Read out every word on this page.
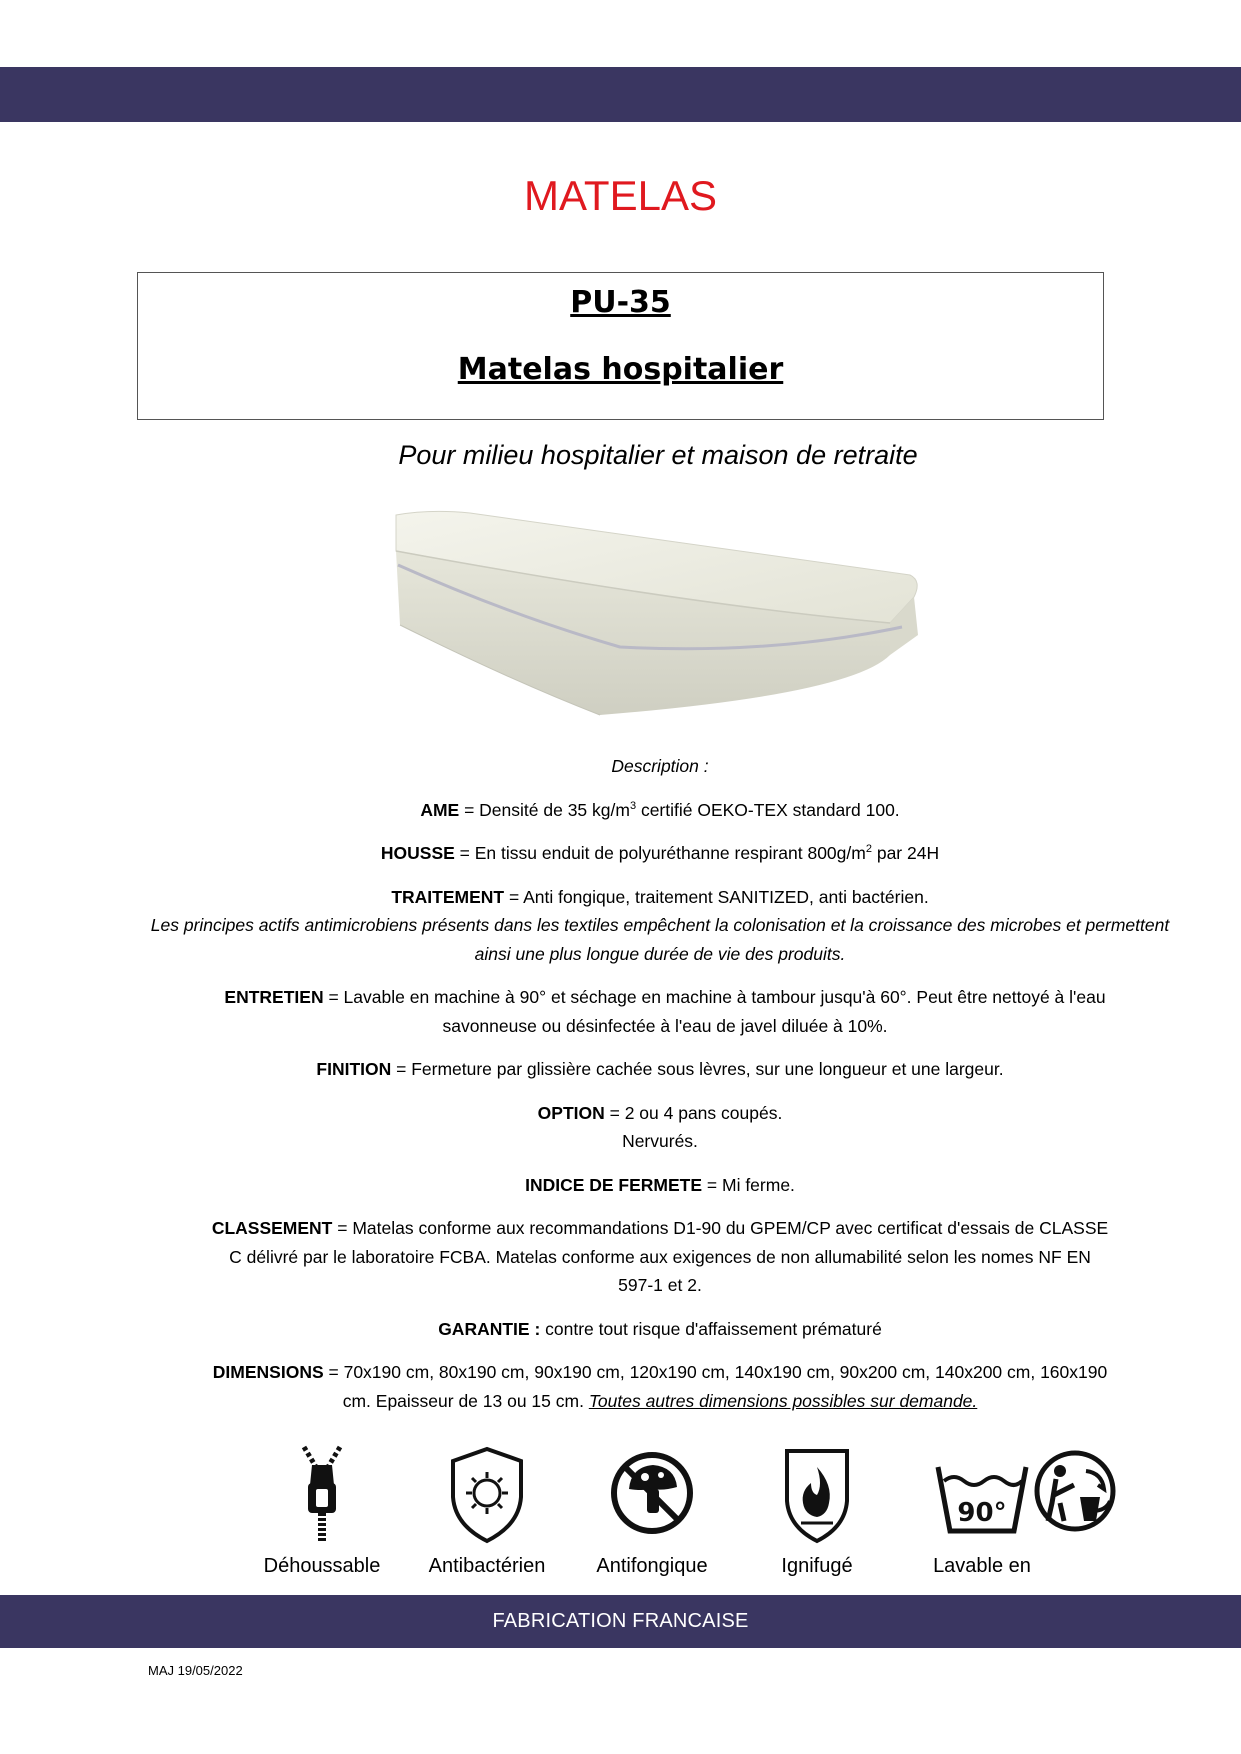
MATELAS
PU-35
Matelas hospitalier
Pour milieu hospitalier et maison de retraite
Description :
AME = Densité de 35 $kg/m^3$ certifié OEKO-TEX standard 100.
HOUSSE = En tissu enduit de polyuréthanne respirant $800g/m^2$ par 24H
TRAITEMENT = Anti fongique, traitement SANITIZED, anti bactérien.
Les principes actifs antimicrobiens présents dans les textiles empêchent la colonisation et la croissance des microbes et permettent ainsi une plus longue durée de vie des produits.
ENTRETIEN = Lavable en machine à 90° et séchage en machine à tambour jusqu'à 60°. Peut être nettoyé à l'eau savonneuse ou désinfectée à l'eau de javel diluée à 10%.
FINITION = Fermeture par glissière cachée sous lèvres, sur une longueur et une largeur.
OPTION = 2 ou 4 pans coupés.
Nervurés.
INDICE DE FERMETE = Mi ferme.
CLASSEMENT = Matelas conforme aux recommandations D1-90 du GPEM/CP avec certificat d'essais de CLASSE C délivré par le laboratoire FCBA. Matelas conforme aux exigences de non allumabilité selon les nomes NF EN 597-1 et 2.
GARANTIE : contre tout risque d'affaissement prématuré
DIMENSIONS = 70x190 cm, 80x190 cm, 90x190 cm, 120x190 cm, 140x190 cm, 90x200 cm, 140x200 cm, 160x190 cm. Epaisseur de 13 ou 15 cm. Toutes autres dimensions possibles sur demande.
Déhoussable	Antibactérien	Antifongique	Ignifugé
90°
Lavable en
FABRICATION FRANCAISE
MAJ 19/05/2022
